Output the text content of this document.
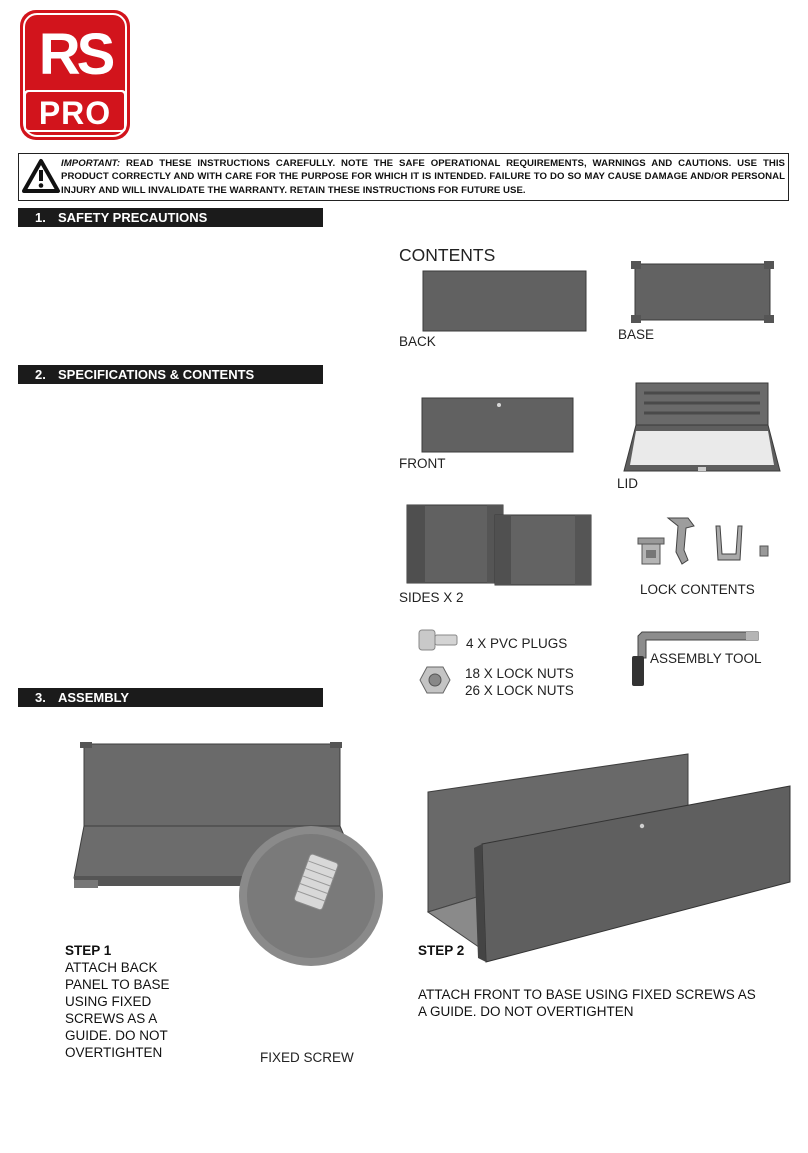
RS
PRO
IMPORTANT: READ THESE INSTRUCTIONS CAREFULLY. NOTE THE SAFE OPERATIONAL REQUIREMENTS, WARNINGS AND CAUTIONS. USE THIS PRODUCT CORRECTLY AND WITH CARE FOR THE PURPOSE FOR WHICH IT IS INTENDED. FAILURE TO DO SO MAY CAUSE DAMAGE AND/OR PERSONAL INJURY AND WILL INVALIDATE THE WARRANTY. RETAIN THESE INSTRUCTIONS FOR FUTURE USE.
1. SAFETY PRECAUTIONS
2. SPECIFICATIONS & CONTENTS
3. ASSEMBLY
CONTENTS
BACK	BASE
FRONT
LID
SIDES X 2
LOCK CONTENTS
4 X PVC PLUGS
18 X LOCK NUTS
26 X LOCK NUTS
ASSEMBLY TOOL
FIXED SCREW
STEP 1
ATTACH BACK
PANEL TO BASE
USING FIXED
SCREWS AS A
GUIDE. DO NOT
OVERTIGHTEN
STEP 2
ATTACH FRONT TO BASE USING FIXED SCREWS AS
A GUIDE. DO NOT OVERTIGHTEN
